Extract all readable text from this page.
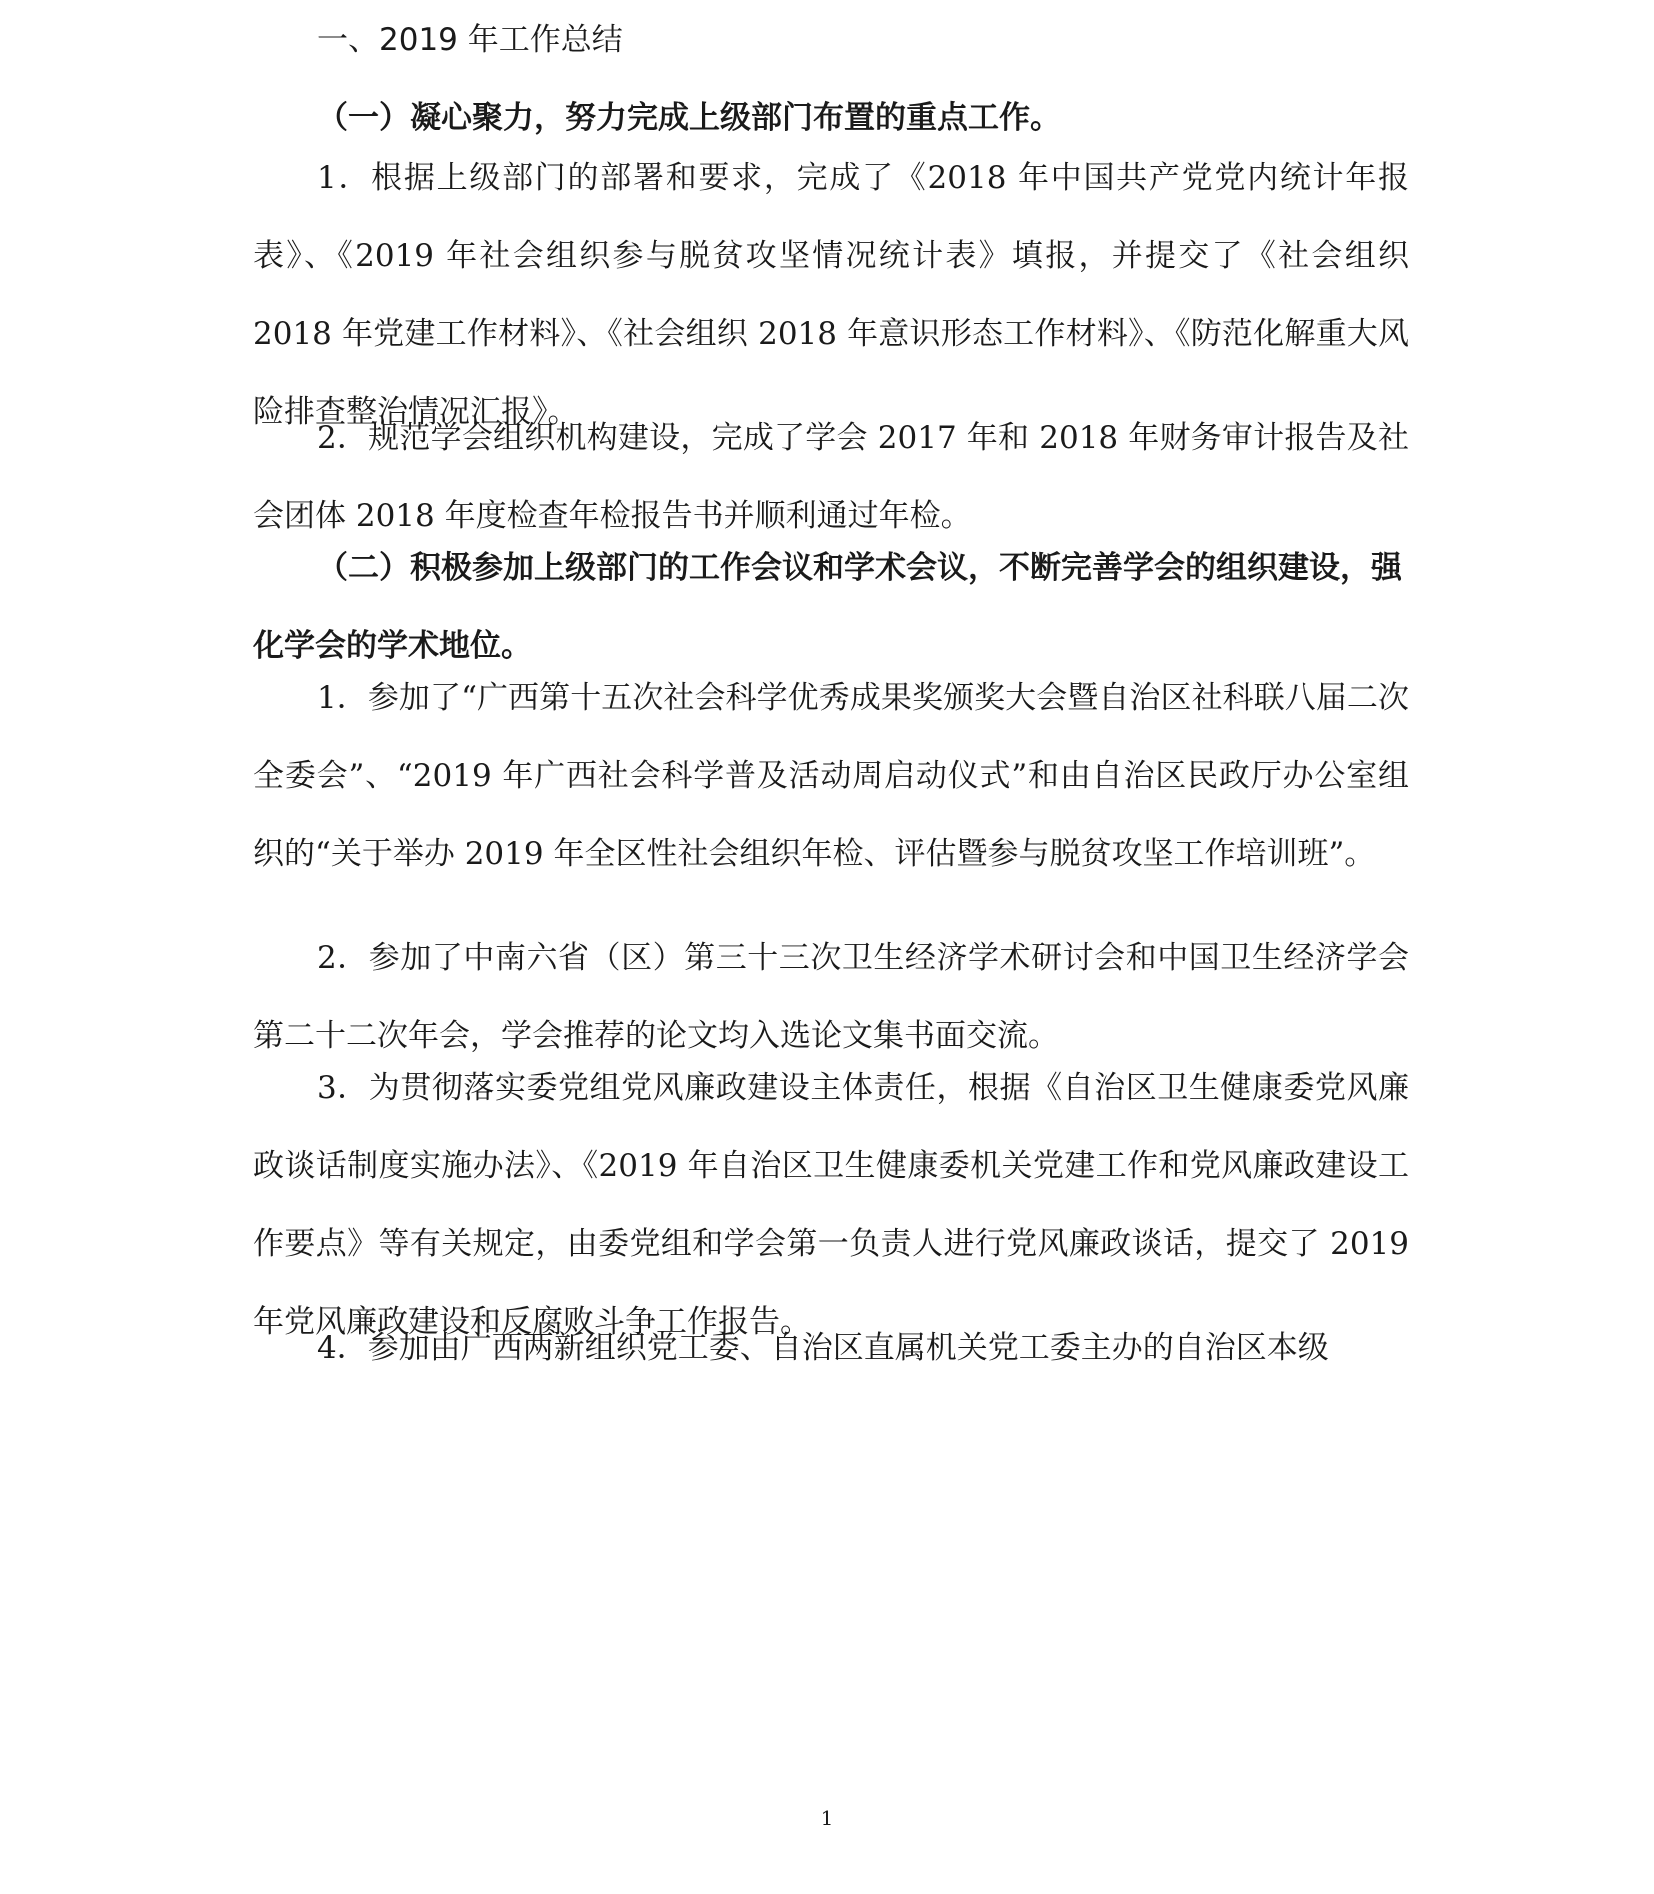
一、2019 年工作总结
（一）凝心聚力，努力完成上级部门布置的重点工作。
1．根据上级部门的部署和要求，完成了《2018 年中国共产党党内统计年报表》、《2019 年社会组织参与脱贫攻坚情况统计表》填报，并提交了《社会组织 2018 年党建工作材料》、《社会组织 2018 年意识形态工作材料》、《防范化解重大风险排查整治情况汇报》。
2．规范学会组织机构建设，完成了学会 2017 年和 2018 年财务审计报告及社会团体 2018 年度检查年检报告书并顺利通过年检。
（二）积极参加上级部门的工作会议和学术会议，不断完善学会的组织建设，强化学会的学术地位。
1．参加了“广西第十五次社会科学优秀成果奖颁奖大会暨自治区社科联八届二次全委会”、“2019 年广西社会科学普及活动周启动仪式”和由自治区民政厅办公室组织的“关于举办 2019 年全区性社会组织年检、评估暨参与脱贫攻坚工作培训班”。
2．参加了中南六省（区）第三十三次卫生经济学术研讨会和中国卫生经济学会第二十二次年会，学会推荐的论文均入选论文集书面交流。
3．为贯彻落实委党组党风廉政建设主体责任，根据《自治区卫生健康委党风廉政谈话制度实施办法》、《2019 年自治区卫生健康委机关党建工作和党风廉政建设工作要点》等有关规定，由委党组和学会第一负责人进行党风廉政谈话，提交了 2019 年党风廉政建设和反腐败斗争工作报告。
4．参加由广西两新组织党工委、自治区直属机关党工委主办的自治区本级
1
